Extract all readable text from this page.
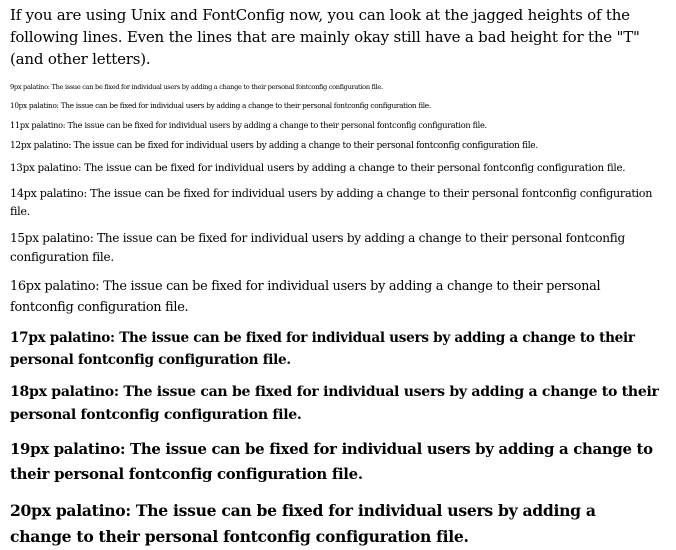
If you are using Unix and FontConfig now, you can look at the jagged heights of the following lines. Even the lines that are mainly okay still have a bad height for the "T" (and other letters).

9px palatino: The issue can be fixed for individual users by adding a change to their personal fontconfig configuration file.

10px palatino: The issue can be fixed for individual users by adding a change to their personal fontconfig configuration file.

11px palatino: The issue can be fixed for individual users by adding a change to their personal fontconfig configuration file.

12px palatino: The issue can be fixed for individual users by adding a change to their personal fontconfig configuration file.

13px palatino: The issue can be fixed for individual users by adding a change to their personal fontconfig configuration file.

14px palatino: The issue can be fixed for individual users by adding a change to their personal fontconfig configuration file.

15px palatino: The issue can be fixed for individual users by adding a change to their personal fontconfig configuration file.

16px palatino: The issue can be fixed for individual users by adding a change to their personal fontconfig configuration file.

17px palatino: The issue can be fixed for individual users by adding a change to their personal fontconfig configuration file.

18px palatino: The issue can be fixed for individual users by adding a change to their personal fontconfig configuration file.

19px palatino: The issue can be fixed for individual users by adding a change to their personal fontconfig configuration file.

20px palatino: The issue can be fixed for individual users by adding a change to their personal fontconfig configuration file.
